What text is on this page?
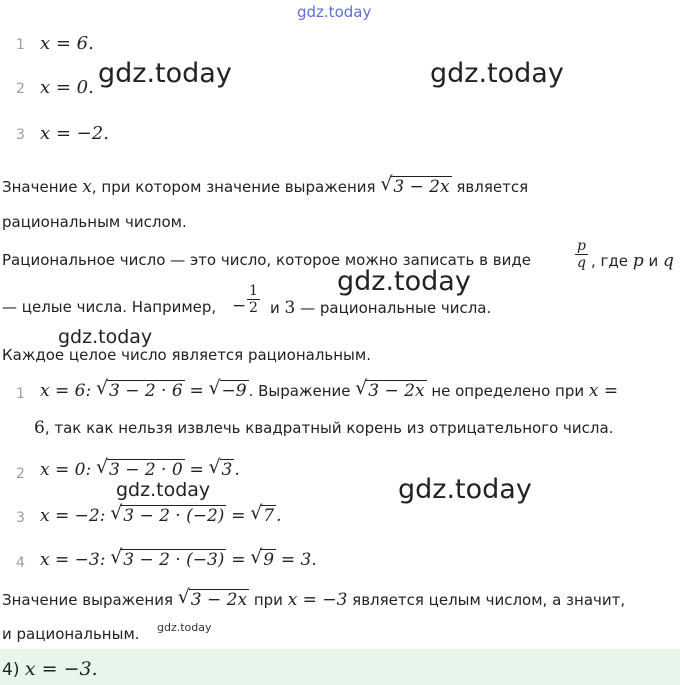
gdz.today
gdz.today	gdz.today
gdz.today
gdz.today
gdz.today	gdz.today
gdz.today
1 x = 6.
2 x = 0.
3 x = −2.
Значение x, при котором значение выражения √ 3 − 2x является
рациональным числом.
Рациональное число — это число, которое можно записать в виде	$\frac{p}{q}$ , где p и q
— целые числа. Например, − $\frac{1}{2}$ и 3 — рациональные числа.
Каждое целое число является рациональным.
1 x = 6: √ 3 − 2 · 6 = √ −9 . Выражение √ 3 − 2x не определено при x =
6, так как нельзя извлечь квадратный корень из отрицательного числа.
2 x = 0: √ 3 − 2 · 0 = √ 3 .
3 x = −2: √ 3 − 2 · (−2) = √ 7 .
4 x = −3: √ 3 − 2 · (−3) = √ 9 = 3.
Значение выражения √ 3 − 2x при x = −3 является целым числом, а значит,
и рациональным.
4) x = −3.
